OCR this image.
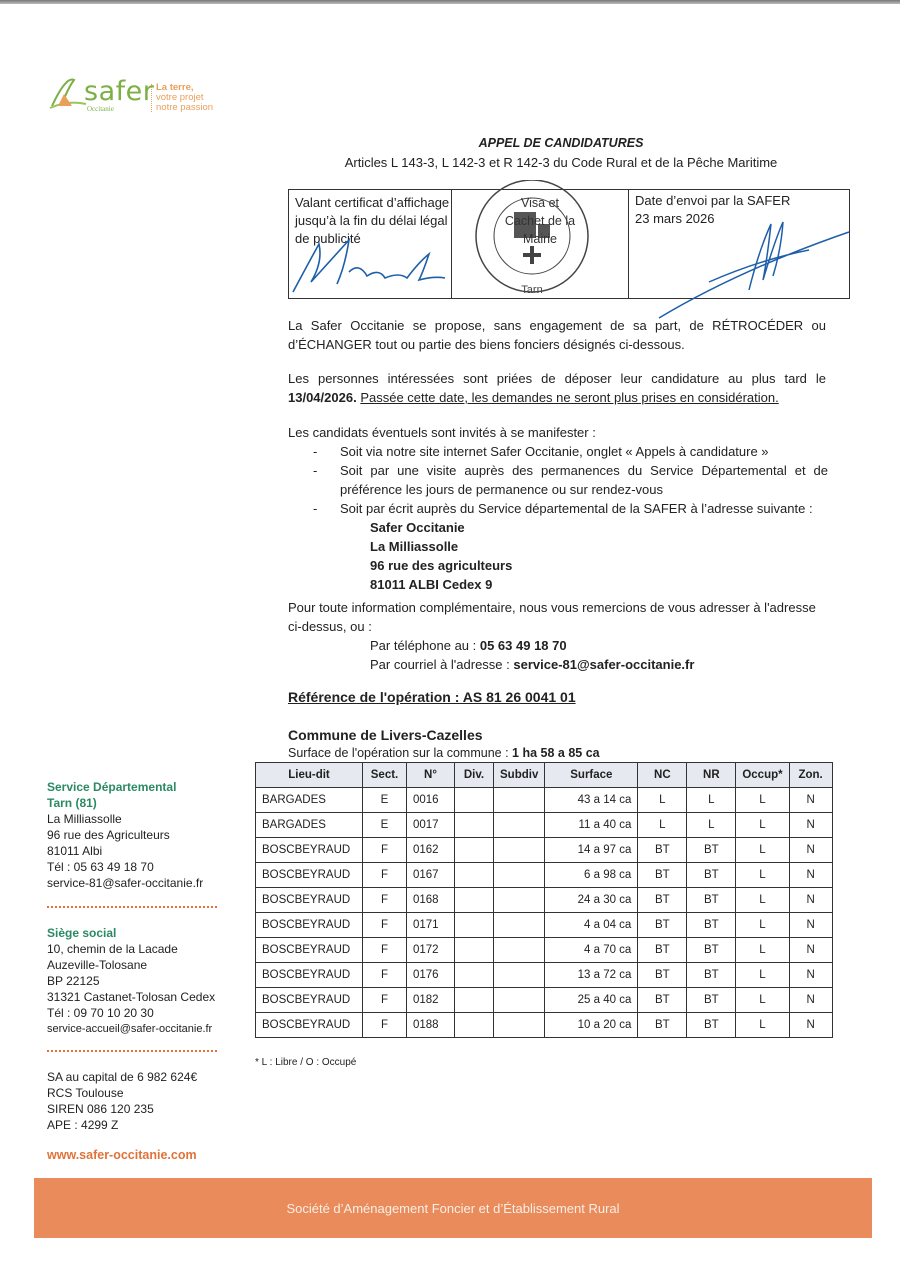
safer
Occitanie
La terre,
votre projet
notre passion
APPEL DE CANDIDATURES
Articles L 143-3, L 142-3 et R 142-3 du Code Rural et de la Pêche Maritime
Valant certificat d’affichage jusqu’à la fin du délai légal de publicité
Tarn
Visa et Cachet de la Mairie
Date d’envoi par la SAFER
23 mars 2026
La Safer Occitanie se propose, sans engagement de sa part, de RÉTROCÉDER ou d’ÉCHANGER tout ou partie des biens fonciers désignés ci-dessous.
Les personnes intéressées sont priées de déposer leur candidature au plus tard le 13/04/2026. Passée cette date, les demandes ne seront plus prises en considération.
Les candidats éventuels sont invités à se manifester :
- Soit via notre site internet Safer Occitanie, onglet « Appels à candidature »
- Soit par une visite auprès des permanences du Service Départemental et de préférence les jours de permanence ou sur rendez-vous
- Soit par écrit auprès du Service départemental de la SAFER à l’adresse suivante :
Safer Occitanie
La Milliassolle
96 rue des agriculteurs
81011 ALBI Cedex 9
Pour toute information complémentaire, nous vous remercions de vous adresser à l'adresse ci-dessus, ou :
Par téléphone au : 05 63 49 18 70
Par courriel à l'adresse : service-81@safer-occitanie.fr
Référence de l'opération : AS 81 26 0041 01
Commune de Livers-Cazelles
Surface de l'opération sur la commune : 1 ha 58 a 85 ca
Lieu-dit	Sect.	N°	Div.	Subdiv	Surface	NC	NR	Occup*	Zon.
BARGADES	E	0016			43 a 14 ca	L	L	L	N
BARGADES	E	0017			11 a 40 ca	L	L	L	N
BOSCBEYRAUD	F	0162			14 a 97 ca	BT	BT	L	N
BOSCBEYRAUD	F	0167			6 a 98 ca	BT	BT	L	N
BOSCBEYRAUD	F	0168			24 a 30 ca	BT	BT	L	N
BOSCBEYRAUD	F	0171			4 a 04 ca	BT	BT	L	N
BOSCBEYRAUD	F	0172			4 a 70 ca	BT	BT	L	N
BOSCBEYRAUD	F	0176			13 a 72 ca	BT	BT	L	N
BOSCBEYRAUD	F	0182			25 a 40 ca	BT	BT	L	N
BOSCBEYRAUD	F	0188			10 a 20 ca	BT	BT	L	N
* L : Libre / O : Occupé
Service Départemental
Tarn (81)
La Milliassolle
96 rue des Agriculteurs
81011 Albi
Tél : 05 63 49 18 70
service-81@safer-occitanie.fr
Siège social
10, chemin de la Lacade
Auzeville-Tolosane
BP 22125
31321 Castanet-Tolosan Cedex
Tél : 09 70 10 20 30
service-accueil@safer-occitanie.fr
SA au capital de 6 982 624€
RCS Toulouse
SIREN 086 120 235
APE : 4299 Z
www.safer-occitanie.com
Société d’Aménagement Foncier et d’Établissement Rural
